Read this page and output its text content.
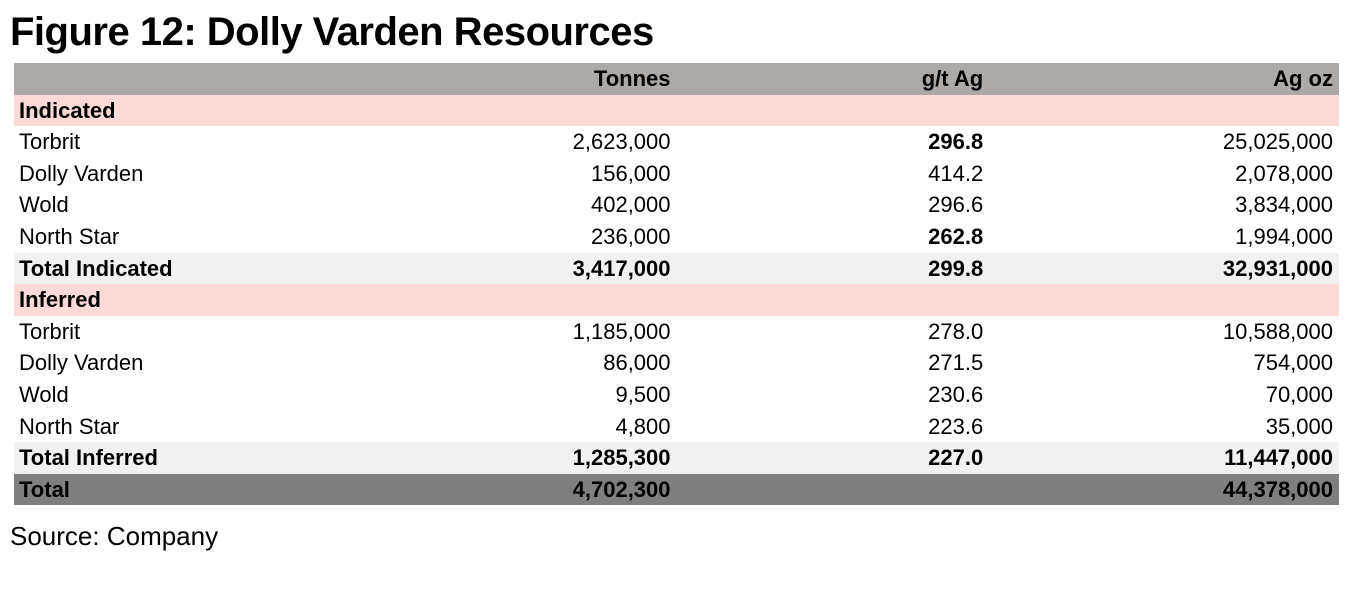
Figure 12: Dolly Varden Resources
	Tonnes	g/t Ag	Ag oz
Indicated			
Torbrit	2,623,000	296.8	25,025,000
Dolly Varden	156,000	414.2	2,078,000
Wold	402,000	296.6	3,834,000
North Star	236,000	262.8	1,994,000
Total Indicated	3,417,000	299.8	32,931,000
Inferred			
Torbrit	1,185,000	278.0	10,588,000
Dolly Varden	86,000	271.5	754,000
Wold	9,500	230.6	70,000
North Star	4,800	223.6	35,000
Total Inferred	1,285,300	227.0	11,447,000
Total	4,702,300		44,378,000
Source: Company
